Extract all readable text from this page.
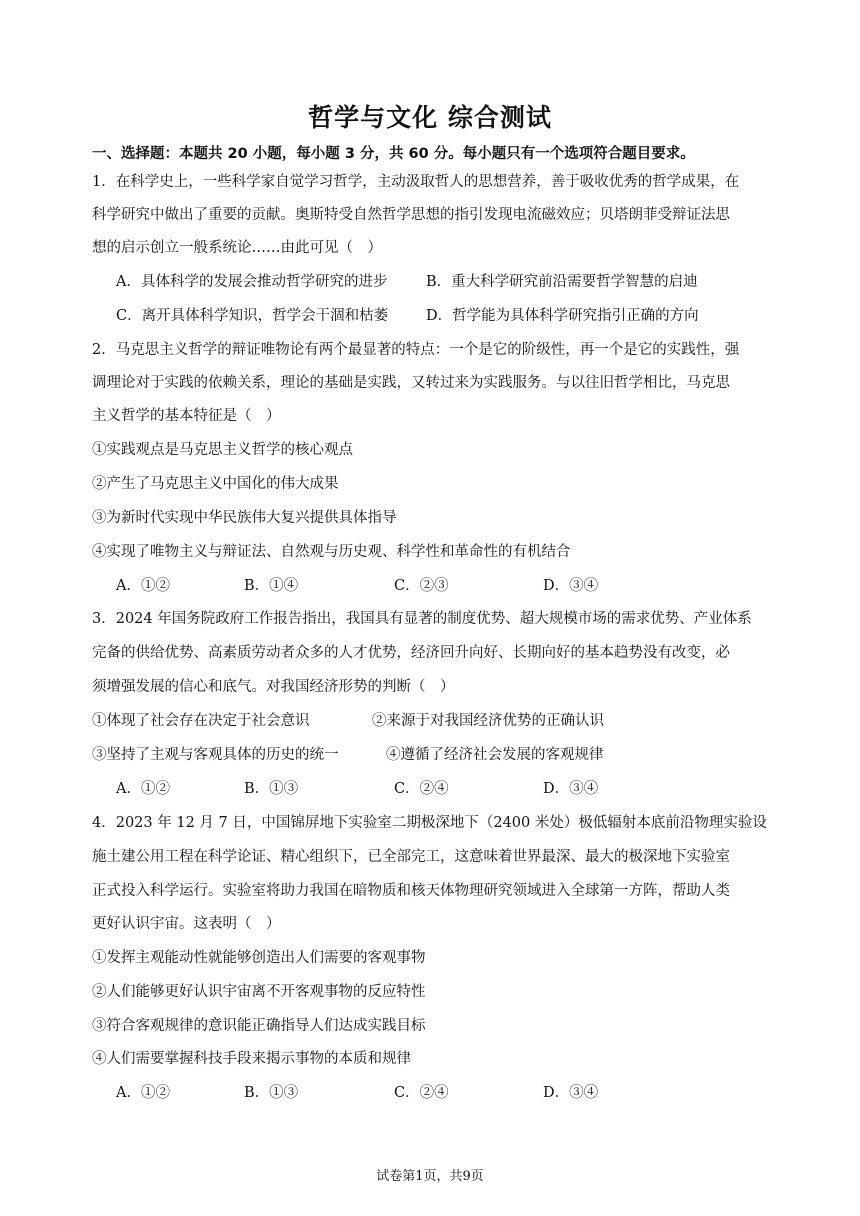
哲学与文化 综合测试
一、选择题：本题共 20 小题，每小题 3 分，共 60 分。每小题只有一个选项符合题目要求。
1．在科学史上，一些科学家自觉学习哲学，主动汲取哲人的思想营养，善于吸收优秀的哲学成果，在
科学研究中做出了重要的贡献。奥斯特受自然哲学思想的指引发现电流磁效应；贝塔朗菲受辩证法思
想的启示创立一般系统论……由此可见（　）
A．具体科学的发展会推动哲学研究的进步	B．重大科学研究前沿需要哲学智慧的启迪
C．离开具体科学知识，哲学会干涸和枯萎	D．哲学能为具体科学研究指引正确的方向
2．马克思主义哲学的辩证唯物论有两个最显著的特点：一个是它的阶级性，再一个是它的实践性，强
调理论对于实践的依赖关系，理论的基础是实践，又转过来为实践服务。与以往旧哲学相比，马克思
主义哲学的基本特征是（　）
①实践观点是马克思主义哲学的核心观点
②产生了马克思主义中国化的伟大成果
③为新时代实现中华民族伟大复兴提供具体指导
④实现了唯物主义与辩证法、自然观与历史观、科学性和革命性的有机结合
A．①②	B．①④	C．②③	D．③④
3．2024 年国务院政府工作报告指出，我国具有显著的制度优势、超大规模市场的需求优势、产业体系
完备的供给优势、高素质劳动者众多的人才优势，经济回升向好、长期向好的基本趋势没有改变，必
须增强发展的信心和底气。对我国经济形势的判断（　）
①体现了社会存在决定于社会意识	②来源于对我国经济优势的正确认识
③坚持了主观与客观具体的历史的统一	④遵循了经济社会发展的客观规律
A．①②	B．①③	C．②④	D．③④
4．2023 年 12 月 7 日，中国锦屏地下实验室二期极深地下（2400 米处）极低辐射本底前沿物理实验设
施土建公用工程在科学论证、精心组织下，已全部完工，这意味着世界最深、最大的极深地下实验室
正式投入科学运行。实验室将助力我国在暗物质和核天体物理研究领域进入全球第一方阵，帮助人类
更好认识宇宙。这表明（　）
①发挥主观能动性就能够创造出人们需要的客观事物
②人们能够更好认识宇宙离不开客观事物的反应特性
③符合客观规律的意识能正确指导人们达成实践目标
④人们需要掌握科技手段来揭示事物的本质和规律
A．①②	B．①③	C．②④	D．③④
试卷第1页，共9页
